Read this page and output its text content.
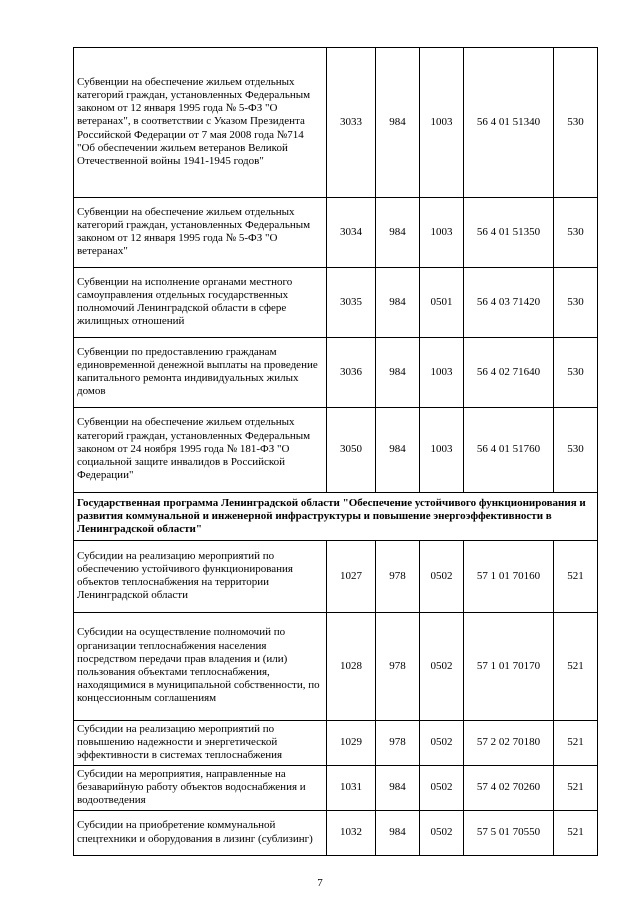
Субвенции на обеспечение жильем отдельных категорий граждан, установленных Федеральным законом от 12 января 1995 года № 5-ФЗ "О ветеранах", в соответствии с Указом Президента Российской Федерации от 7 мая 2008 года №714 "Об обеспечении жильем ветеранов Великой Отечественной войны 1941-1945 годов"	3033	984	1003	56 4 01 51340	530
Субвенции на обеспечение жильем отдельных категорий граждан, установленных Федеральным законом от 12 января 1995 года № 5-ФЗ "О ветеранах"	3034	984	1003	56 4 01 51350	530
Субвенции на исполнение органами местного самоуправления отдельных государственных полномочий Ленинградской области в сфере жилищных отношений	3035	984	0501	56 4 03 71420	530
Субвенции по предоставлению гражданам единовременной денежной выплаты на проведение капитального ремонта индивидуальных жилых домов	3036	984	1003	56 4 02 71640	530
Субвенции на обеспечение жильем отдельных категорий граждан, установленных Федеральным законом от 24 ноября 1995 года № 181-ФЗ "О социальной защите инвалидов в Российской Федерации"	3050	984	1003	56 4 01 51760	530
Государственная программа Ленинградской области "Обеспечение устойчивого функционирования и развития коммунальной и инженерной инфраструктуры и повышение энергоэффективности в Ленинградской области"					
Субсидии на реализацию мероприятий по обеспечению устойчивого функционирования объектов теплоснабжения на территории Ленинградской области	1027	978	0502	57 1 01 70160	521
Субсидии на осуществление полномочий по организации теплоснабжения населения посредством передачи прав владения и (или) пользования объектами теплоснабжения, находящимися в муниципальной собственности, по концессионным соглашениям	1028	978	0502	57 1 01 70170	521
Субсидии на реализацию мероприятий по повышению надежности и энергетической эффективности в системах теплоснабжения	1029	978	0502	57 2 02 70180	521
Субсидии на мероприятия, направленные на безаварийную работу объектов водоснабжения и водоотведения	1031	984	0502	57 4 02 70260	521
Субсидии на приобретение коммунальной спецтехники и оборудования в лизинг (сублизинг)	1032	984	0502	57 5 01 70550	521
7
